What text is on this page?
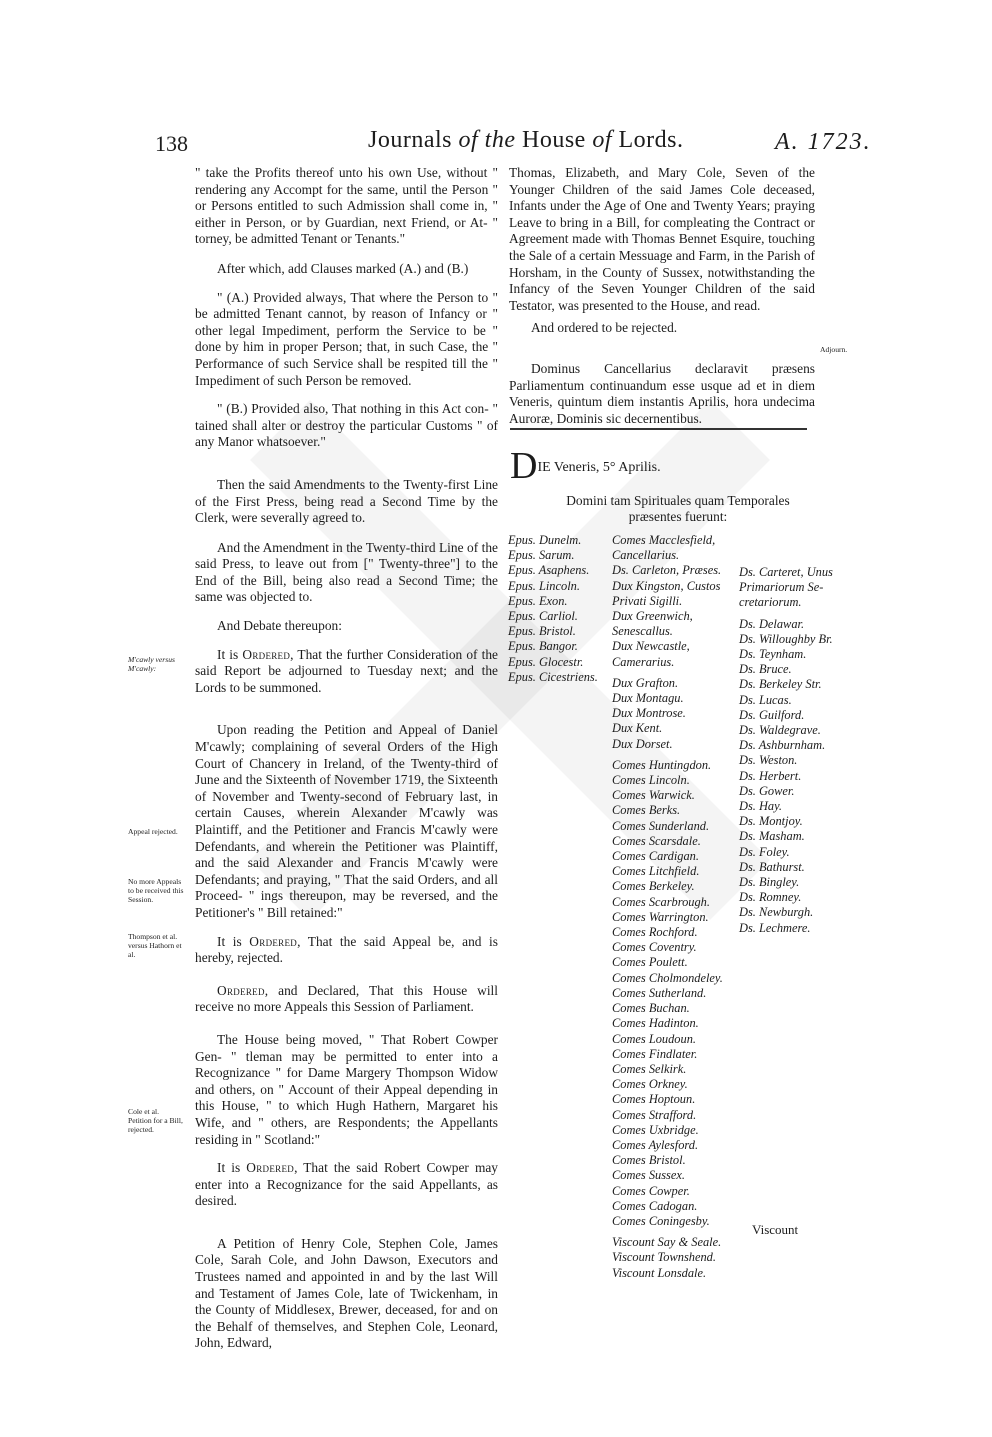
138	Journals of the House of Lords.	A. 1723.

" take the Profits thereof unto his own Use, without " rendering any Accompt for the same, until the Person " or Persons entitled to such Admission shall come in, " either in Person, or by Guardian, next Friend, or At- " torney, be admitted Tenant or Tenants."

After which, add Clauses marked (A.) and (B.)

" (A.) Provided always, That where the Person to " be admitted Tenant cannot, by reason of Infancy or " other legal Impediment, perform the Service to be " done by him in proper Person; that, in such Case, the " Performance of such Service shall be respited till the " Impediment of such Person be removed.

" (B.) Provided also, That nothing in this Act con- " tained shall alter or destroy the particular Customs " of any Manor whatsoever."

Then the said Amendments to the Twenty-first Line of the First Press, being read a Second Time by the Clerk, were severally agreed to.

And the Amendment in the Twenty-third Line of the said Press, to leave out from [" Twenty-three"] to the End of the Bill, being also read a Second Time; the same was objected to.

And Debate thereupon:

It is Ordered, That the further Consideration of the said Report be adjourned to Tuesday next; and the Lords to be summoned.

Upon reading the Petition and Appeal of Daniel M'cawly; complaining of several Orders of the High Court of Chancery in Ireland, of the Twenty-third of June and the Sixteenth of November 1719, the Sixteenth of November and Twenty-second of February last, in certain Causes, wherein Alexander M'cawly was Plaintiff, and the Petitioner and Francis M'cawly were Defendants, and wherein the Petitioner was Plaintiff, and the said Alexander and Francis M'cawly were Defendants; and praying, " That the said Orders, and all Proceed- " ings thereupon, may be reversed, and the Petitioner's " Bill retained:"

It is Ordered, That the said Appeal be, and is hereby, rejected.

Ordered, and Declared, That this House will receive no more Appeals this Session of Parliament.

The House being moved, " That Robert Cowper Gen- " tleman may be permitted to enter into a Recognizance " for Dame Margery Thompson Widow and others, on " Account of their Appeal depending in this House, " to which Hugh Hathern, Margaret his Wife, and " others, are Respondents; the Appellants residing in " Scotland:"

It is Ordered, That the said Robert Cowper may enter into a Recognizance for the said Appellants, as desired.

A Petition of Henry Cole, Stephen Cole, James Cole, Sarah Cole, and John Dawson, Executors and Trustees named and appointed in and by the last Will and Testament of James Cole, late of Twickenham, in the County of Middlesex, Brewer, deceased, for and on the Behalf of themselves, and Stephen Cole, Leonard, John, Edward,

M'cawly versus M'cawly:
Appeal rejected.
No more Appeals to be received this Session.
Thompson et al. versus Hathorn et al.
Cole et al. Petition for a Bill, rejected.

Thomas, Elizabeth, and Mary Cole, Seven of the Younger Children of the said James Cole deceased, Infants under the Age of One and Twenty Years; praying Leave to bring in a Bill, for compleating the Contract or Agreement made with Thomas Bennet Esquire, touching the Sale of a certain Messuage and Farm, in the Parish of Horsham, in the County of Sussex, notwithstanding the Infancy of the Seven Younger Children of the said Testator, was presented to the House, and read.

And ordered to be rejected.

Dominus Cancellarius declaravit præsens Parliamentum continuandum esse usque ad et in diem Veneris, quintum diem instantis Aprilis, hora undecima Auroræ, Dominis sic decernentibus.

Adjourn.
DIE Veneris, 5° Aprilis.
Domini tam Spirituales quam Temporales præsentes fuerunt:
Epus. Dunelm.
Epus. Sarum.
Epus. Asaphens.
Epus. Lincoln.
Epus. Exon.
Epus. Carliol.
Epus. Bristol.
Epus. Bangor.
Epus. Glocestr.
Epus. Cicestriens.
Comes Macclesfield,
Cancellarius.
Ds. Carleton, Præses.
Dux Kingston, Custos
Privati Sigilli.
Dux Greenwich,
Senescallus.
Dux Newcastle,
Camerarius.
Dux Grafton.
Dux Montagu.
Dux Montrose.
Dux Kent.
Dux Dorset.
Comes Huntingdon.
Comes Lincoln.
Comes Warwick.
Comes Berks.
Comes Sunderland.
Comes Scarsdale.
Comes Cardigan.
Comes Litchfield.
Comes Berkeley.
Comes Scarbrough.
Comes Warrington.
Comes Rochford.
Comes Coventry.
Comes Poulett.
Comes Cholmondeley.
Comes Sutherland.
Comes Buchan.
Comes Hadinton.
Comes Loudoun.
Comes Findlater.
Comes Selkirk.
Comes Orkney.
Comes Hoptoun.
Comes Strafford.
Comes Uxbridge.
Comes Aylesford.
Comes Bristol.
Comes Sussex.
Comes Cowper.
Comes Cadogan.
Comes Coningesby.
Viscount Say & Seale.
Viscount Townshend.
Viscount Lonsdale.
Ds. Carteret, Unus
Primariorum Se-
cretariorum.
Ds. Delawar.
Ds. Willoughby Br.
Ds. Teynham.
Ds. Bruce.
Ds. Berkeley Str.
Ds. Lucas.
Ds. Guilford.
Ds. Waldegrave.
Ds. Ashburnham.
Ds. Weston.
Ds. Herbert.
Ds. Gower.
Ds. Hay.
Ds. Montjoy.
Ds. Masham.
Ds. Foley.
Ds. Bathurst.
Ds. Bingley.
Ds. Romney.
Ds. Newburgh.
Ds. Lechmere.
Viscount
